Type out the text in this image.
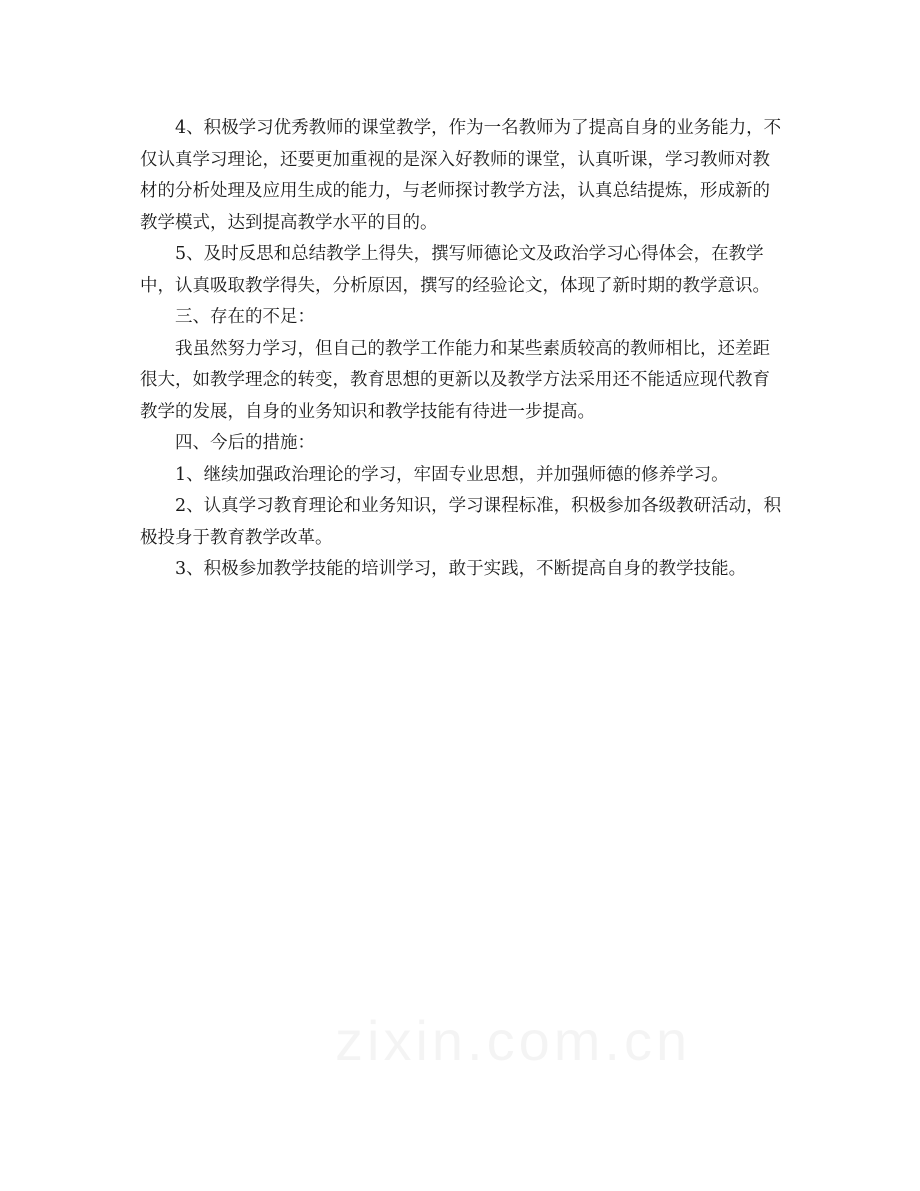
4、积极学习优秀教师的课堂教学，作为一名教师为了提高自身的业务能力，不仅认真学习理论，还要更加重视的是深入好教师的课堂，认真听课，学习教师对教材的分析处理及应用生成的能力，与老师探讨教学方法，认真总结提炼，形成新的教学模式，达到提高教学水平的目的。

5、及时反思和总结教学上得失，撰写师德论文及政治学习心得体会，在教学中，认真吸取教学得失，分析原因，撰写的经验论文，体现了新时期的教学意识。

三、存在的不足：

我虽然努力学习，但自己的教学工作能力和某些素质较高的教师相比，还差距很大，如教学理念的转变，教育思想的更新以及教学方法采用还不能适应现代教育教学的发展，自身的业务知识和教学技能有待进一步提高。

四、今后的措施：

1、继续加强政治理论的学习，牢固专业思想，并加强师德的修养学习。

2、认真学习教育理论和业务知识，学习课程标准，积极参加各级教研活动，积极投身于教育教学改革。

3、积极参加教学技能的培训学习，敢于实践，不断提高自身的教学技能。
